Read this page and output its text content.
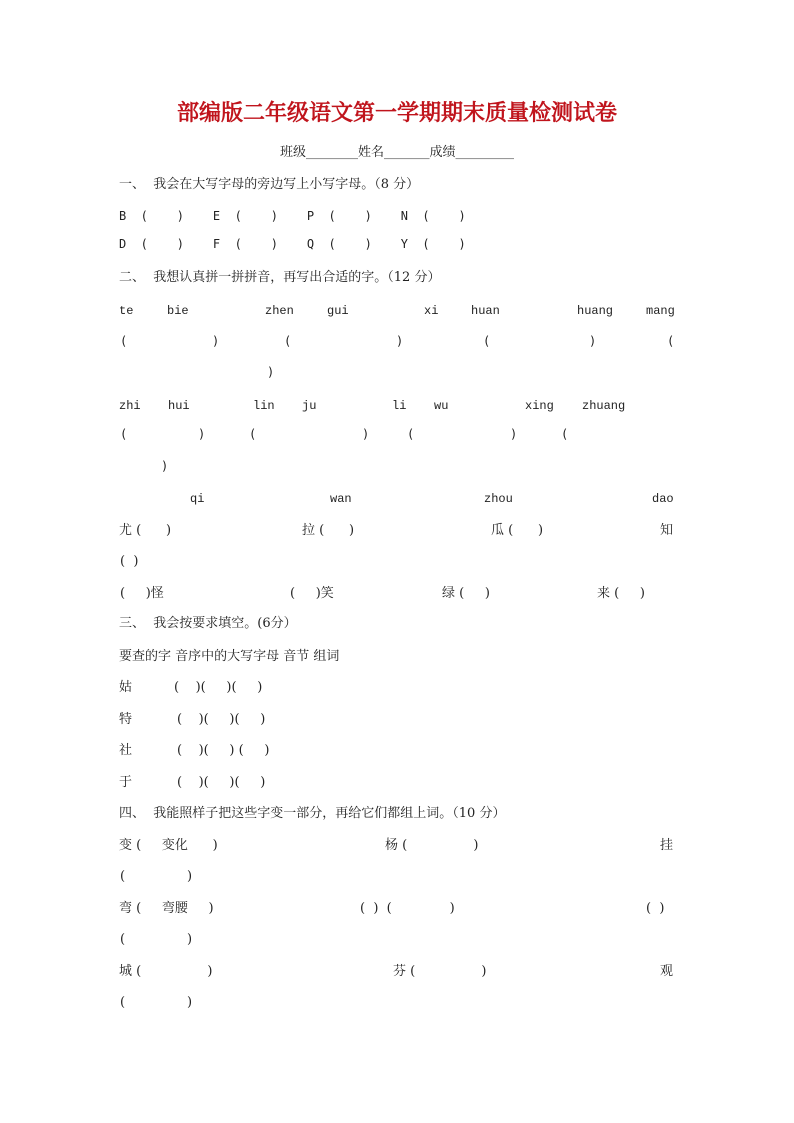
部编版二年级语文第一学期期末质量检测试卷
班级________姓名_______成绩_________
一、  我会在大写字母的旁边写上小写字母。（8 分）
B  (    )    E  (    )    P  (    )    N  (    )
D  (    )    F  (    )    Q  (    )    Y  (    )
二、  我想认真拼一拼拼音，再写出合适的字。（12 分）
te	bie	zhen	gui	xi	huan	huang	mang
(	)	(	)	(	)	(
)
zhi hui	lin ju	li wu	xing zhuang
(	)	(	)	(	)	(
)
qi	wan	zhou	dao
尤 (      )	拉 (      )	瓜 (      )	知
(  )
(     )怪	(     )笑	绿 (     )	来 (     )
三、  我会按要求填空。(6分）
要查的字 音序中的大写字母 音节 组词
姑	(    )(     )(     )
特	(    )(     )(     )
社	(    )(     ) (     )
于	(    )(     )(     )
四、  我能照样子把这些字变一部分，再给它们都组上词。（10 分）
变 (     变化      )	杨 (                )	挂
(               )
弯 (     弯腰     )	(  )  (              )	(  )
(               )
城 (                )	芬 (                )	观
(               )
